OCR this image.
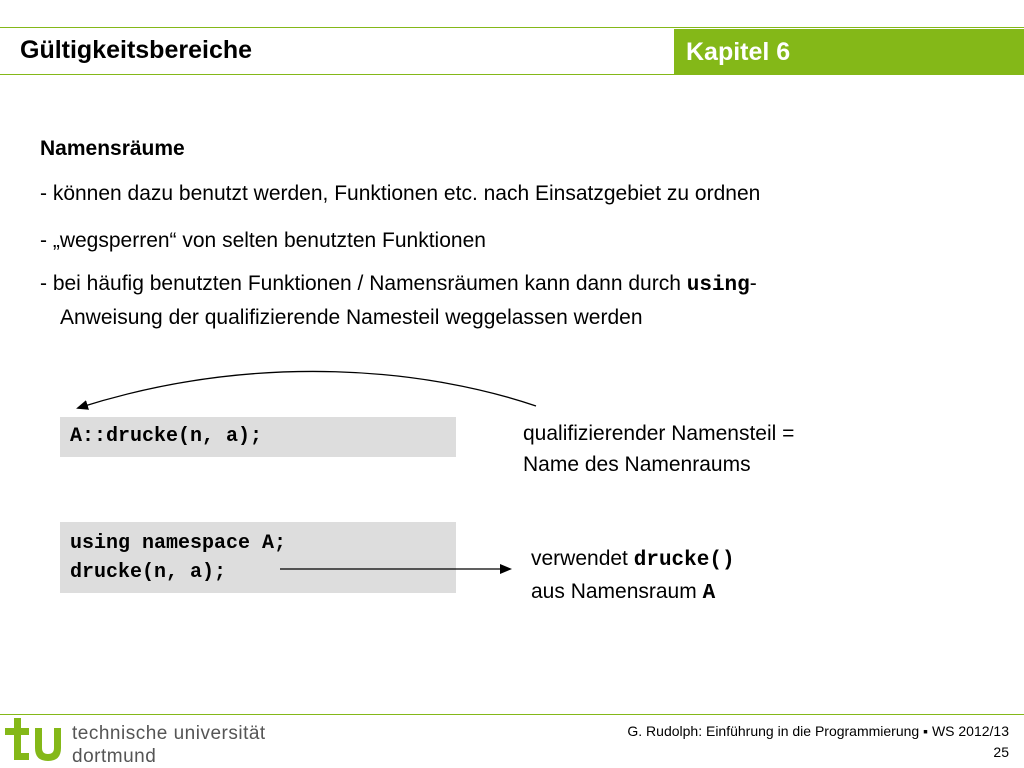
Gültigkeitsbereiche	Kapitel 6
Namensräume
- können dazu benutzt werden, Funktionen etc. nach Einsatzgebiet zu ordnen
- „wegsperren“ von selten benutzten Funktionen
- bei häufig benutzten Funktionen / Namensräumen kann dann durch using-
Anweisung der qualifizierende Namesteil weggelassen werden
A::drucke(n, a);
using namespace A;
drucke(n, a);
qualifizierender Namensteil =
Name des Namenraums
verwendet drucke()
aus Namensraum A
technische universität
dortmund
G. Rudolph: Einführung in die Programmierung ▪ WS 2012/13
25
